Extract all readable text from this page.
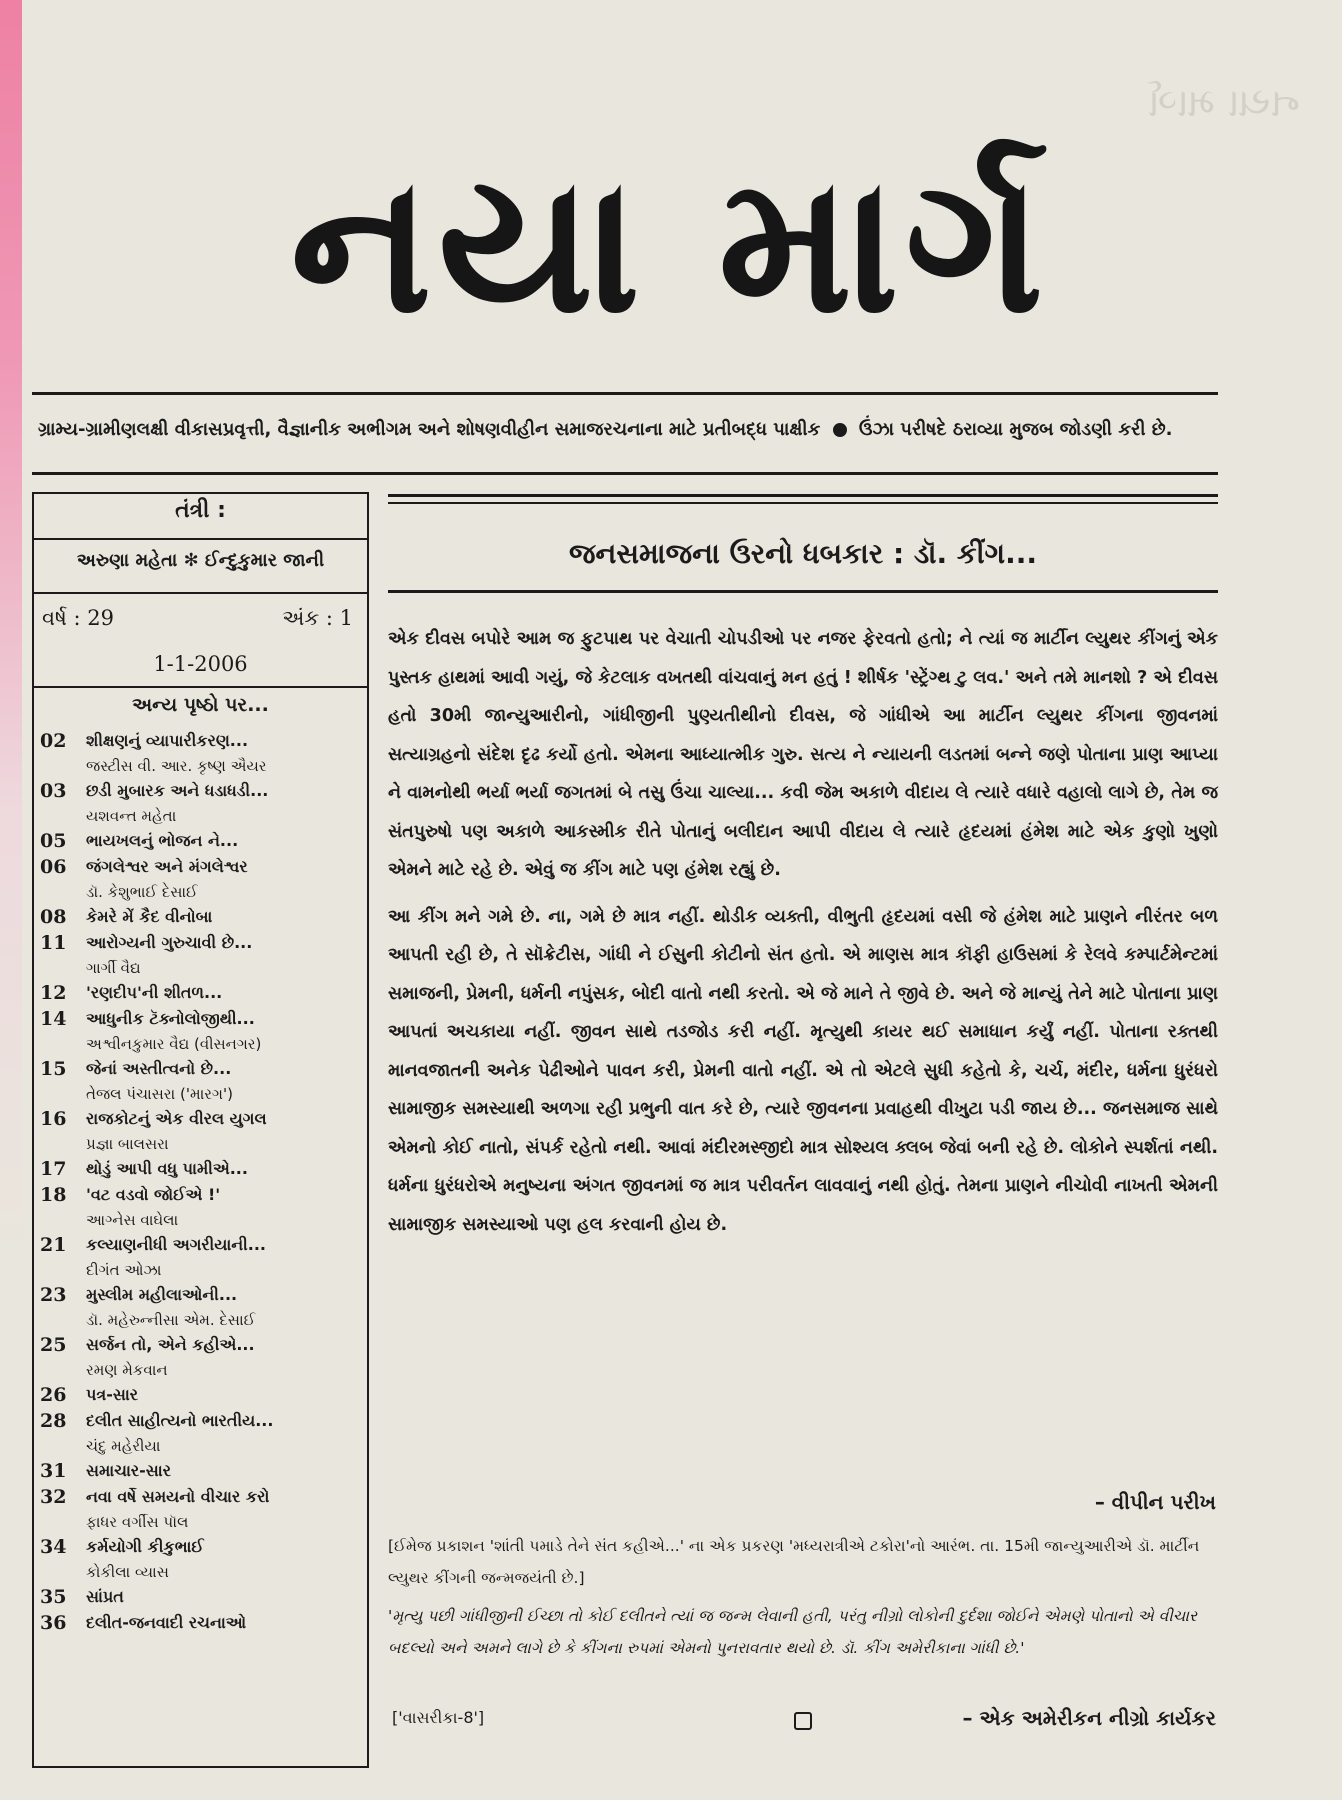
નયા માર્ગ
નયા માર્ગ
ગ્રામ્ય-ગ્રામીણલક્ષી વીકાસપ્રવૃત્તી, વૈજ્ઞાનીક અભીગમ અને શોષણવીહીન સમાજરચનાના માટે પ્રતીબદ્ધ પાક્ષીક ઉંઝા પરીષદે ઠરાવ્યા મુજબ જોડણી કરી છે.
તંત્રી :
અરુણા મહેતા ✻ ઈન્દુકુમાર જાની
વર્ષ : 29	અંક : 1
1-1-2006
અન્ય પૃષ્ઠો પર...
02	શીક્ષણનું વ્યાપારીકરણ...
જસ્ટીસ વી. આર. કૃષ્ણ ઐયર
03	છડી મુબારક અને ધડાધડી...
યશવન્ત મહેતા
05	ભાયખલનું ભોજન ને...
06	જંગલેશ્વર અને મંગલેશ્વર
ડૉ. કેશુભાઈ દેસાઈ
08	કેમરે મેં કૈદ વીનોબા
11	આરોગ્યની ગુરુચાવી છે...
ગાર્ગી વૈદ્ય
12	'રણદીપ'ની શીતળ...
14	આધુનીક ટૅક્નોલોજીથી...
અશ્વીનકુમાર વૈદ્ય (વીસનગર)
15	જેનાં અસ્તીત્વનો છે...
તેજલ પંચાસરા ('મારગ')
16	રાજકોટનું એક વીરલ યુગલ
પ્રજ્ઞા બાલસરા
17	થોડું આપી વધુ પામીએ...
18	'વટ વડવો જોઈએ !'
આગ્નેસ વાઘેલા
21	કલ્યાણનીધી અગરીયાની...
દીગંત ઓઝા
23	મુસ્લીમ મહીલાઓની...
ડૉ. મહેરુન્નીસા એમ. દેસાઈ
25	સર્જન તો, એને કહીએ...
રમણ મેકવાન
26	પત્ર-સાર
28	દલીત સાહીત્યનો ભારતીય...
ચંદુ મહેરીયા
31	સમાચાર-સાર
32	નવા વર્ષે સમયનો વીચાર કરો
ફાધર વર્ગીસ પૉલ
34	કર્મયોગી કીકુભાઈ
કોકીલા વ્યાસ
35	સાંપ્રત
36	દલીત-જનવાદી રચનાઓ
જનસમાજના ઉરનો ધબકાર : ડૉ. કીંગ...

એક દીવસ બપોરે આમ જ ફુટપાથ પર વેચાતી ચોપડીઓ પર નજર ફેરવતો હતો; ને ત્યાં જ માર્ટીન લ્યુથર કીંગનું એક પુસ્તક હાથમાં આવી ગયું, જે કેટલાક વખતથી વાંચવાનું મન હતું ! શીર્ષક 'સ્ટ્રેંગ્થ ટુ લવ.' અને તમે માનશો ? એ દીવસ હતો 30મી જાન્યુઆરીનો, ગાંધીજીની પુણ્યતીથીનો દીવસ, જે ગાંધીએ આ માર્ટીન લ્યુથર કીંગના જીવનમાં સત્યાગ્રહનો સંદેશ દૃઢ કર્યો હતો. એમના આધ્યાત્મીક ગુરુ. સત્ય ને ન્યાયની લડતમાં બન્ને જણે પોતાના પ્રાણ આપ્યા ને વામનોથી ભર્યા ભર્યા જગતમાં બે તસુ ઉંચા ચાલ્યા... કવી જેમ અકાળે વીદાય લે ત્યારે વધારે વહાલો લાગે છે, તેમ જ સંતપુરુષો પણ અકાળે આકસ્મીક રીતે પોતાનું બલીદાન આપી વીદાય લે ત્યારે હૃદયમાં હંમેશ માટે એક કુણો ખુણો એમને માટે રહે છે. એવું જ કીંગ માટે પણ હંમેશ રહ્યું છે.

આ કીંગ મને ગમે છે. ના, ગમે છે માત્ર નહીં. થોડીક વ્યક્તી, વીભુતી હૃદયમાં વસી જે હંમેશ માટે પ્રાણને નીરંતર બળ આપતી રહી છે, તે સૉક્રેટીસ, ગાંધી ને ઈસુની કોટીનો સંત હતો. એ માણસ માત્ર કૉફી હાઉસમાં કે રેલવે કમ્પાર્ટમેન્ટમાં સમાજની, પ્રેમની, ધર્મની નપુંસક, બોદી વાતો નથી કરતો. એ જે માને તે જીવે છે. અને જે માન્યું તેને માટે પોતાના પ્રાણ આપતાં અચકાયા નહીં. જીવન સાથે તડજોડ કરી નહીં. મૃત્યુથી કાયર થઈ સમાધાન કર્યું નહીં. પોતાના રક્તથી માનવજાતની અનેક પેઢીઓને પાવન કરી, પ્રેમની વાતો નહીં. એ તો એટલે સુધી કહેતો કે, ચર્ચ, મંદીર, ધર્મના ધુરંધરો સામાજીક સમસ્યાથી અળગા રહી પ્રભુની વાત કરે છે, ત્યારે જીવનના પ્રવાહથી વીખુટા પડી જાય છે... જનસમાજ સાથે એમનો કોઈ નાતો, સંપર્ક રહેતો નથી. આવાં મંદીરમસ્જીદો માત્ર સોશ્યલ ક્લબ જેવાં બની રહે છે. લોકોને સ્પર્શતાં નથી. ધર્મના ધુરંધરોએ મનુષ્યના અંગત જીવનમાં જ માત્ર પરીવર્તન લાવવાનું નથી હોતું. તેમના પ્રાણને નીચોવી નાખતી એમની સામાજીક સમસ્યાઓ પણ હલ કરવાની હોય છે.

– વીપીન પરીખ
[ઈમેજ પ્રકાશન 'શાંતી પમાડે તેને સંત કહીએ...' ના એક પ્રકરણ 'મધ્યરાત્રીએ ટકોરા'નો આરંભ. તા. 15મી જાન્યુઆરીએ ડૉ. માર્ટીન લ્યુથર કીંગની જન્મજયંતી છે.]
'મૃત્યુ પછી ગાંધીજીની ઈચ્છા તો કોઈ દલીતને ત્યાં જ જન્મ લેવાની હતી, પરંતુ નીગ્રો લોકોની દુર્દશા જોઈને એમણે પોતાનો એ વીચાર બદલ્યો અને અમને લાગે છે કે કીંગના રુપમાં એમનો પુનરાવતાર થયો છે. ડૉ. કીંગ અમેરીકાના ગાંધી છે.'
['વાસરીકા-8']	– એક અમેરીકન નીગ્રો કાર્યકર
